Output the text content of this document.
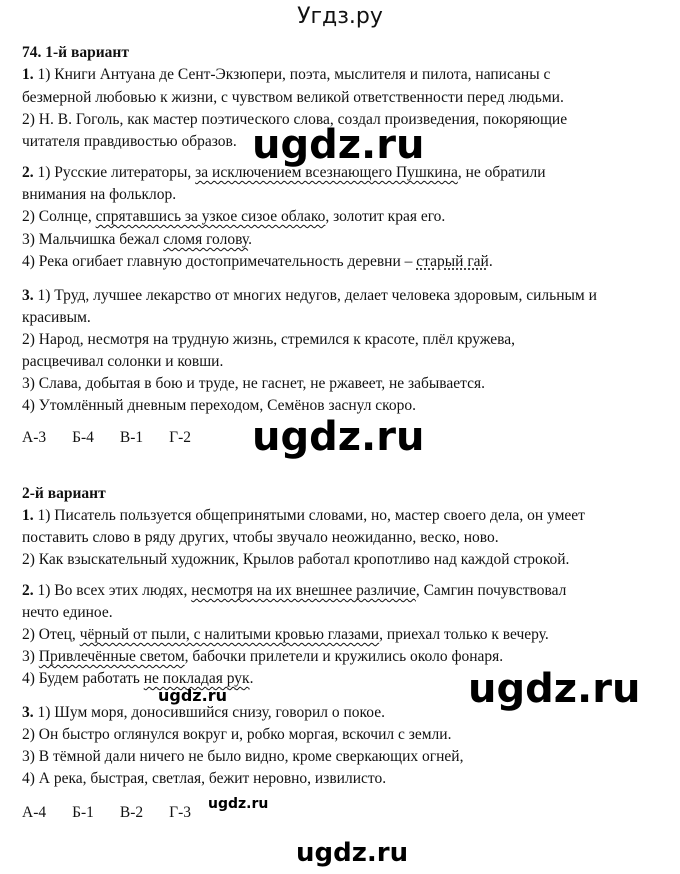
Угдз.ру
74. 1-й вариант
1. 1) Книги Антуана де Сент-Экзюпери, поэта, мыслителя и пилота, написаны с
безмерной любовью к жизни, с чувством великой ответственности перед людьми.
2) Н. В. Гоголь, как мастер поэтического слова, создал произведения, покоряющие
читателя правдивостью образов.
2. 1) Русские литераторы, за исключением всезнающего Пушкина, не обратили
внимания на фольклор.
2) Солнце, спрятавшись за узкое сизое облако, золотит края его.
3) Мальчишка бежал сломя голову.
4) Река огибает главную достопримечательность деревни – старый гай.
3. 1) Труд, лучшее лекарство от многих недугов, делает человека здоровым, сильным и
красивым.
2) Народ, несмотря на трудную жизнь, стремился к красоте, плёл кружева,
расцвечивал солонки и ковши.
3) Слава, добытая в бою и труде, не гаснет, не ржавеет, не забывается.
4) Утомлённый дневным переходом, Семёнов заснул скоро.
А-3 Б-4 В-1 Г-2
2-й вариант
1. 1) Писатель пользуется общепринятыми словами, но, мастер своего дела, он умеет
поставить слово в ряду других, чтобы звучало неожиданно, веско, ново.
2) Как взыскательный художник, Крылов работал кропотливо над каждой строкой.
2. 1) Во всех этих людях, несмотря на их внешнее различие, Самгин почувствовал
нечто единое.
2) Отец, чёрный от пыли, с налитыми кровью глазами, приехал только к вечеру.
3) Привлечённые светом, бабочки прилетели и кружились около фонаря.
4) Будем работать не покладая рук.
3. 1) Шум моря, доносившийся снизу, говорил о покое.
2) Он быстро оглянулся вокруг и, робко моргая, вскочил с земли.
3) В тёмной дали ничего не было видно, кроме сверкающих огней,
4) А река, быстрая, светлая, бежит неровно, извилисто.
А-4 Б-1 В-2 Г-3
ugdz.ru
ugdz.ru
ugdz.ru
ugdz.ru
ugdz.ru
ugdz.ru
